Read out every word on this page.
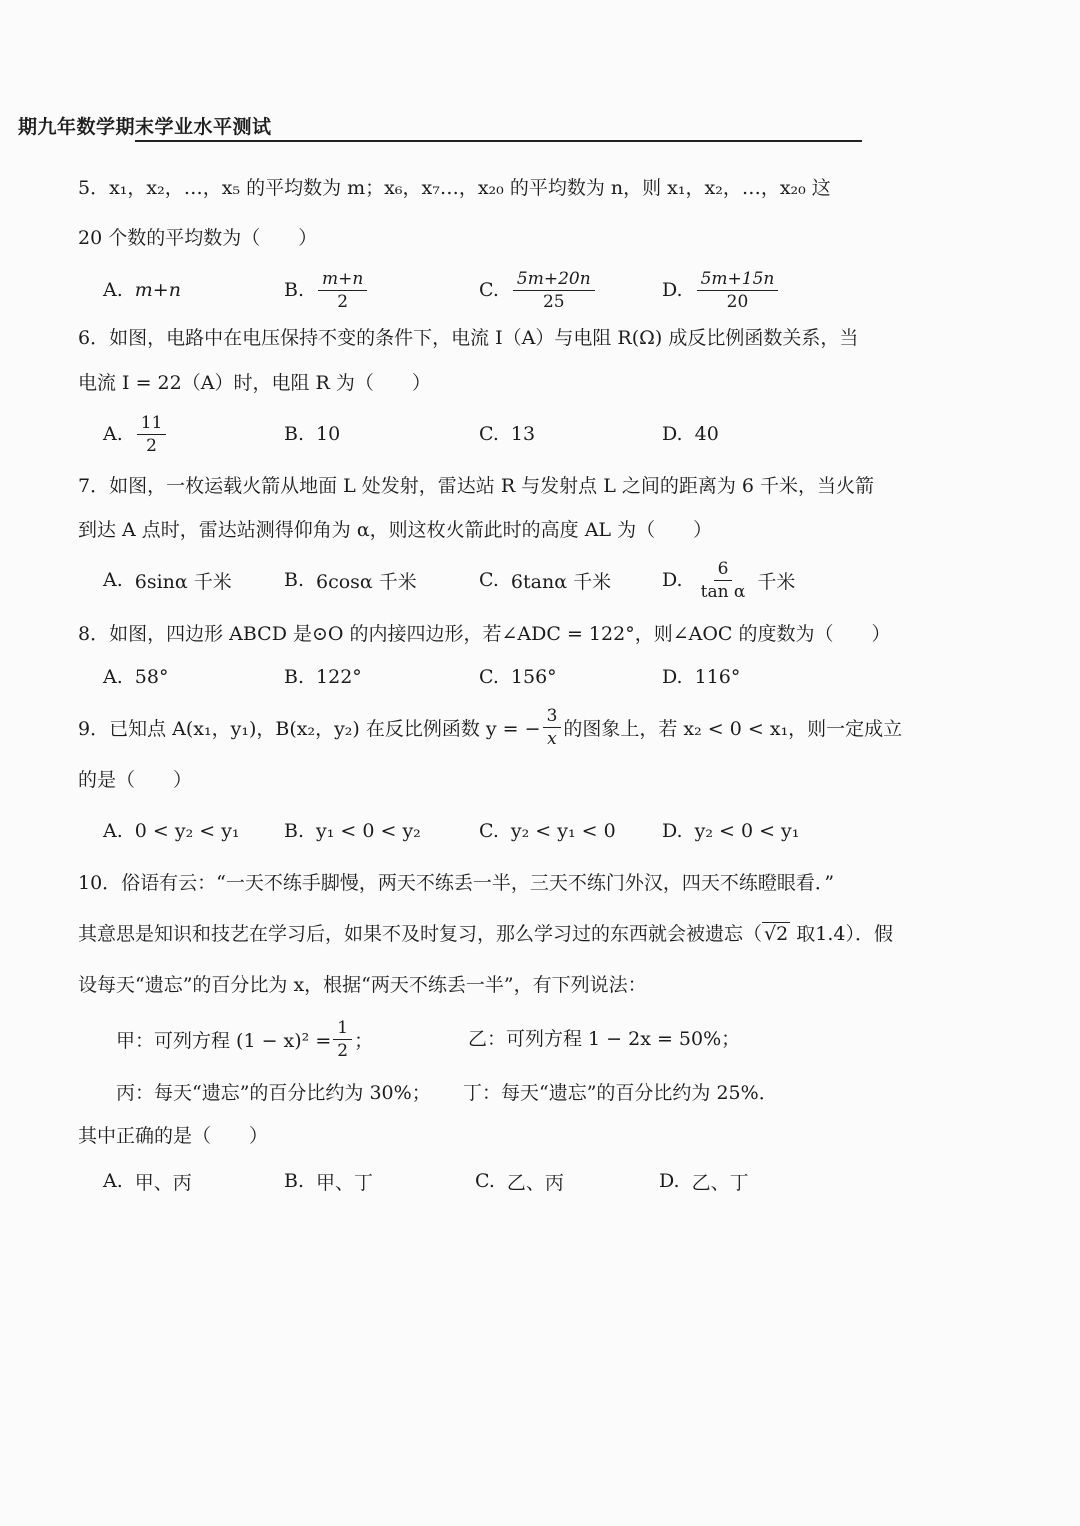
期九年数学期末学业水平测试
5．x₁，x₂，…，x₅ 的平均数为 m；x₆，x₇…，x₂₀ 的平均数为 n，则 x₁，x₂，…，x₂₀ 这
20 个数的平均数为（　　）
A. m+n	B. $\frac{m+n}{2}$	C. $\frac{5m+20n}{25}$	D. $\frac{5m+15n}{20}$
6．如图，电路中在电压保持不变的条件下，电流 I（A）与电阻 R(Ω) 成反比例函数关系，当
电流 I = 22（A）时，电阻 R 为（　　）
A. $\frac{11}{2}$	B. 10	C. 13	D. 40
7．如图，一枚运载火箭从地面 L 处发射，雷达站 R 与发射点 L 之间的距离为 6 千米，当火箭
到达 A 点时，雷达站测得仰角为 α，则这枚火箭此时的高度 AL 为（　　）
A. 6sinα 千米	B. 6cosα 千米	C. 6tanα 千米	D. $\frac{6}{\text{tan α}}$ 千米
8．如图，四边形 ABCD 是⊙O 的内接四边形，若∠ADC = 122°，则∠AOC 的度数为（　　）
A. 58°	B. 122°	C. 156°	D. 116°
9．已知点 A(x₁，y₁)，B(x₂，y₂) 在反比例函数 y = − $\frac{3}{x}$ 的图象上，若 x₂ < 0 < x₁，则一定成立
的是（　　）
A. 0 < y₂ < y₁ B. y₁ < 0 < y₂	C. y₂ < y₁ < 0 D. y₂ < 0 < y₁
10．俗语有云：“一天不练手脚慢，两天不练丢一半，三天不练门外汉，四天不练瞪眼看．”
其意思是知识和技艺在学习后，如果不及时复习，那么学习过的东西就会被遗忘（ √2 取1.4）．假
设每天“遗忘”的百分比为 x，根据“两天不练丢一半”，有下列说法：
甲：可列方程 $(1 - x)^2 = \frac{1}{2}$ ；	乙：可列方程 1 − 2x = 50%；
丙：每天“遗忘”的百分比约为 30%； 丁：每天“遗忘”的百分比约为 25%．
其中正确的是（　　）
A. 甲、丙	B. 甲、丁	C. 乙、丙	D. 乙、丁
